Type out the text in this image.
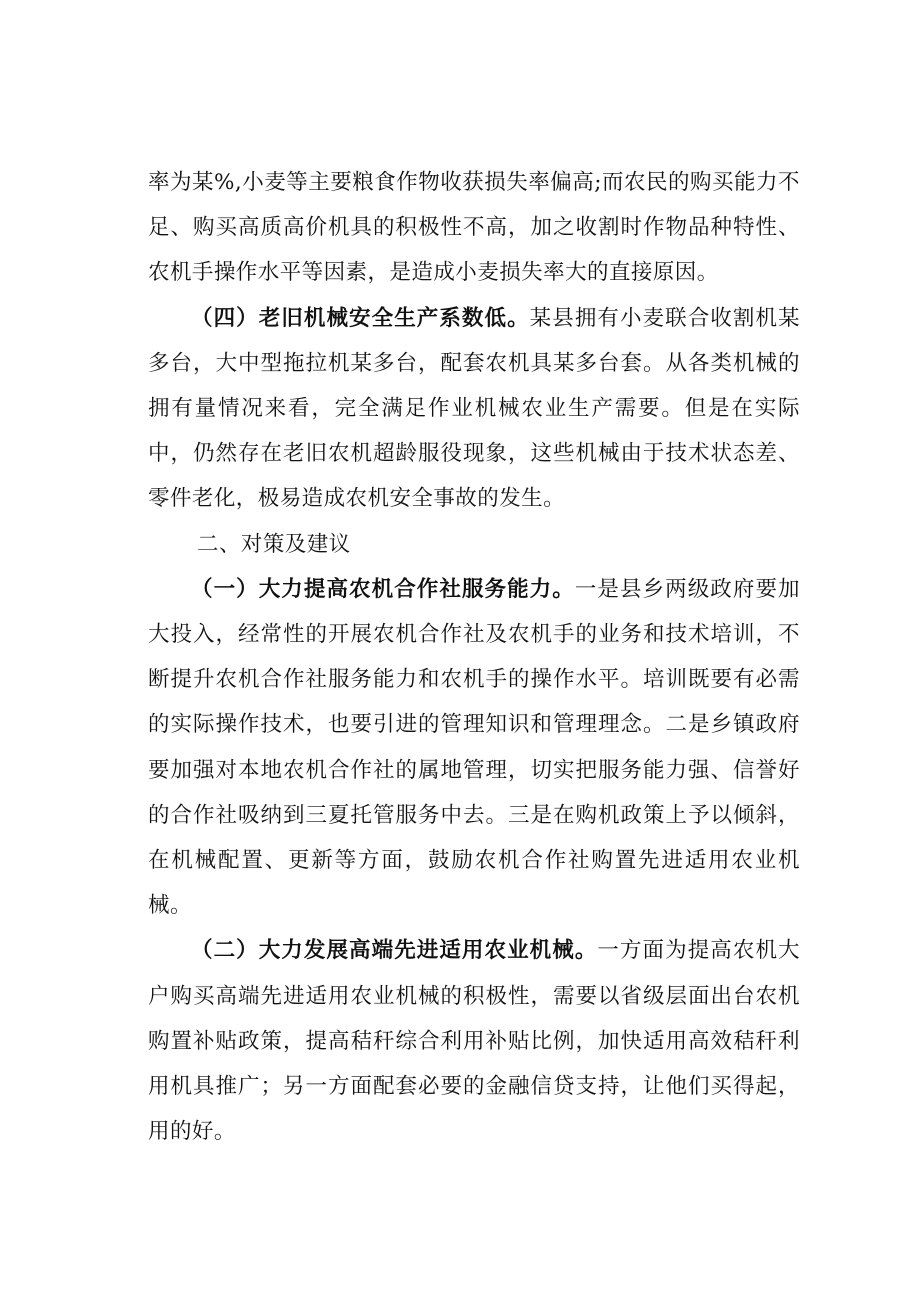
率为某%,小麦等主要粮食作物收获损失率偏高;而农民的购买能力不足、购买高质高价机具的积极性不高，加之收割时作物品种特性、农机手操作水平等因素，是造成小麦损失率大的直接原因。

（四）老旧机械安全生产系数低。某县拥有小麦联合收割机某多台，大中型拖拉机某多台，配套农机具某多台套。从各类机械的拥有量情况来看，完全满足作业机械农业生产需要。但是在实际中，仍然存在老旧农机超龄服役现象，这些机械由于技术状态差、零件老化，极易造成农机安全事故的发生。

二、对策及建议

（一）大力提高农机合作社服务能力。一是县乡两级政府要加大投入，经常性的开展农机合作社及农机手的业务和技术培训，不断提升农机合作社服务能力和农机手的操作水平。培训既要有必需的实际操作技术，也要引进的管理知识和管理理念。二是乡镇政府要加强对本地农机合作社的属地管理，切实把服务能力强、信誉好的合作社吸纳到三夏托管服务中去。三是在购机政策上予以倾斜，在机械配置、更新等方面，鼓励农机合作社购置先进适用农业机械。

（二）大力发展高端先进适用农业机械。一方面为提高农机大户购买高端先进适用农业机械的积极性，需要以省级层面出台农机购置补贴政策，提高秸秆综合利用补贴比例，加快适用高效秸秆利用机具推广；另一方面配套必要的金融信贷支持，让他们买得起，用的好。
